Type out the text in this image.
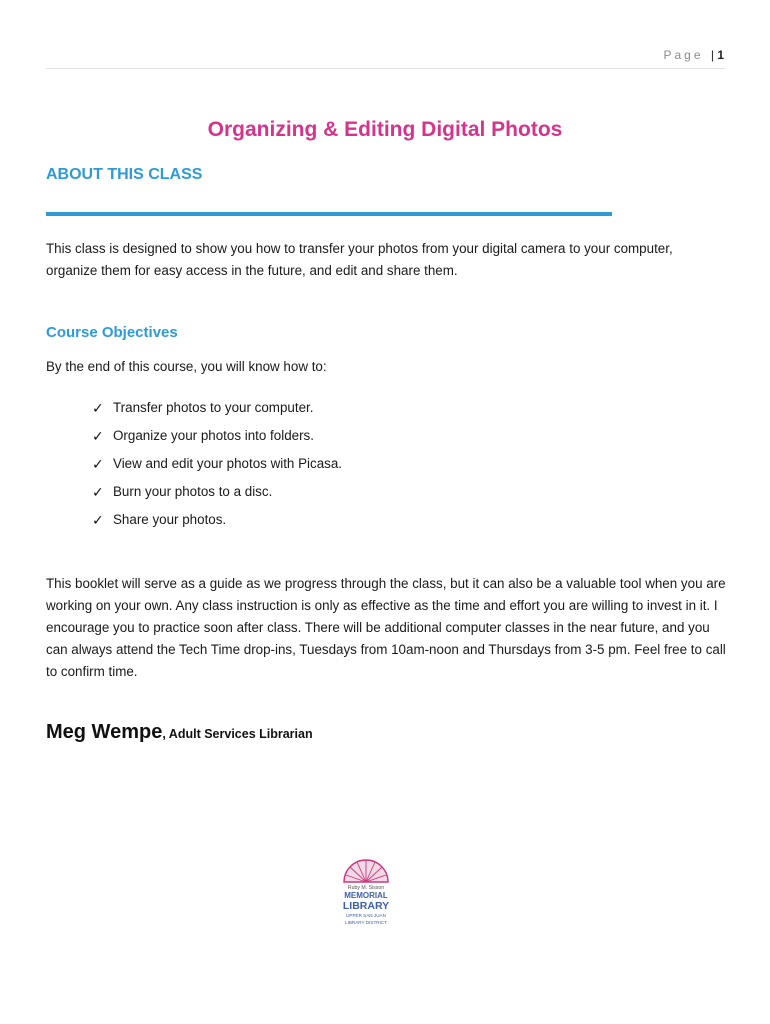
Page | 1
Organizing & Editing Digital Photos
ABOUT THIS CLASS

This class is designed to show you how to transfer your photos from your digital camera to your computer, organize them for easy access in the future, and edit and share them.

Course Objectives

By the end of this course, you will know how to:

✓ Transfer photos to your computer.
✓ Organize your photos into folders.
✓ View and edit your photos with Picasa.
✓ Burn your photos to a disc.
✓ Share your photos.

This booklet will serve as a guide as we progress through the class, but it can also be a valuable tool when you are working on your own. Any class instruction is only as effective as the time and effort you are willing to invest in it. I encourage you to practice soon after class. There will be additional computer classes in the near future, and you can always attend the Tech Time drop-ins, Tuesdays from 10am-noon and Thursdays from 3-5 pm. Feel free to call to confirm time.

Meg Wempe, Adult Services Librarian

Ruby M. Sisson
MEMORIAL
LIBRARY
UPPER SAN JUAN
LIBRARY DISTRICT
